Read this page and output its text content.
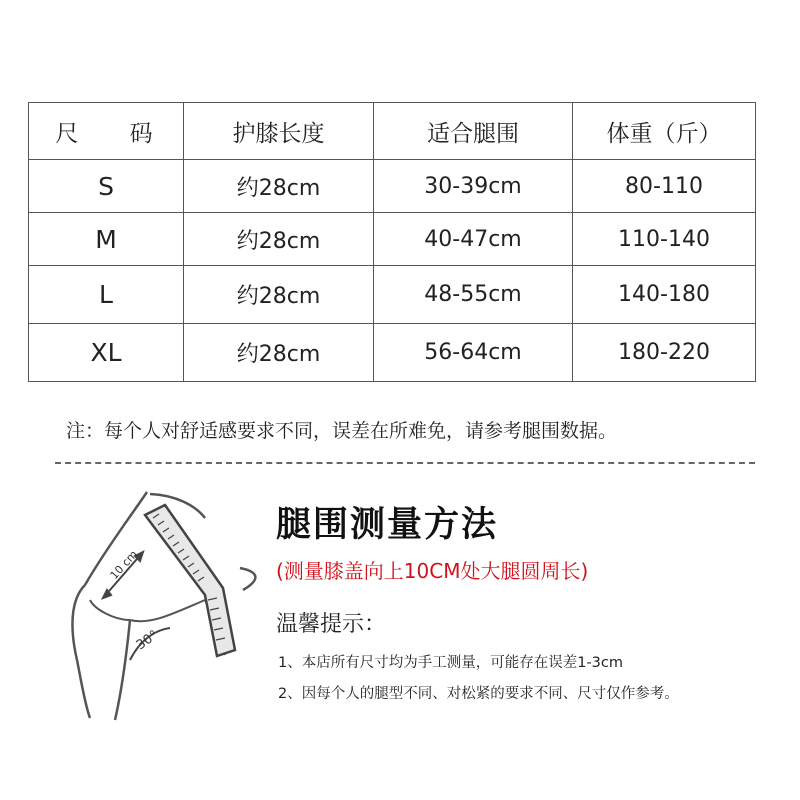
尺 码	护膝长度	适合腿围	体重（斤）
S	约28cm	30-39cm	80-110
M	约28cm	40-47cm	110-140
L	约28cm	48-55cm	140-180
XL	约28cm	56-64cm	180-220
注：每个人对舒适感要求不同，误差在所难免，请参考腿围数据。
10 cm
30°
腿围测量方法
(测量膝盖向上10CM处大腿圆周长)
温馨提示：
1、本店所有尺寸均为手工测量，可能存在误差1-3cm
2、因每个人的腿型不同、对松紧的要求不同、尺寸仅作参考。
